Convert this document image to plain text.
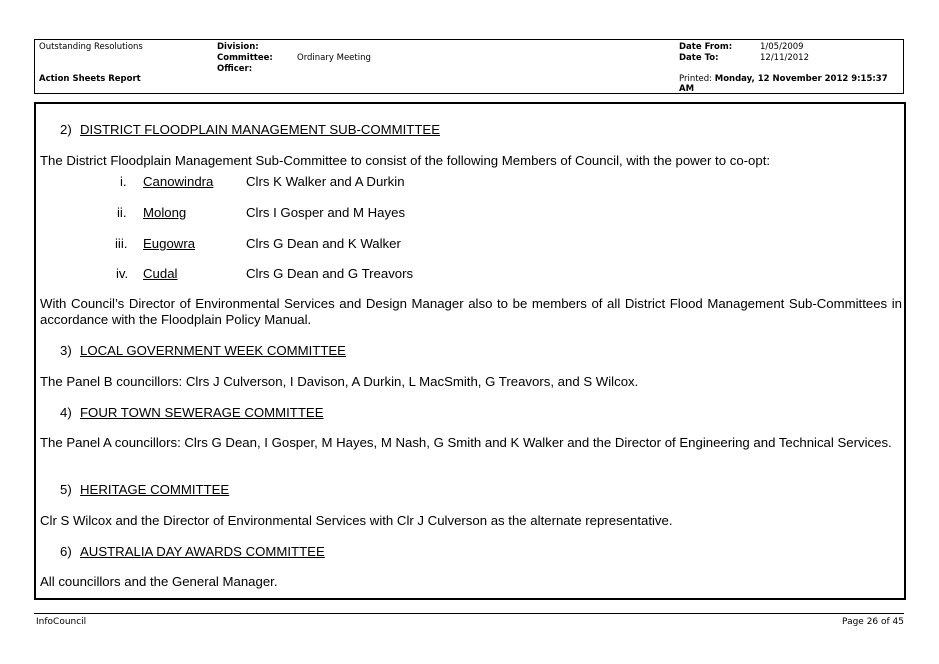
Outstanding Resolutions
Action Sheets Report
Division:
Committee:	Ordinary Meeting
Officer:
Date From:	1/05/2009
Date To:	12/11/2012
Printed: Monday, 12 November 2012 9:15:37
AM
2) DISTRICT FLOODPLAIN MANAGEMENT SUB-COMMITTEE
The District Floodplain Management Sub-Committee to consist of the following Members of Council, with the power to co-opt:
i. Canowindra Clrs K Walker and A Durkin
ii. Molong	Clrs I Gosper and M Hayes
iii. Eugowra	Clrs G Dean and K Walker
iv. Cudal	Clrs G Dean and G Treavors
With Council’s Director of Environmental Services and Design Manager also to be members of all District Flood Management Sub-Committees in accordance with the Floodplain Policy Manual.
3) LOCAL GOVERNMENT WEEK COMMITTEE
The Panel B councillors: Clrs J Culverson, I Davison, A Durkin, L MacSmith, G Treavors, and S Wilcox.
4) FOUR TOWN SEWERAGE COMMITTEE
The Panel A councillors: Clrs G Dean, I Gosper, M Hayes, M Nash, G Smith and K Walker and the Director of Engineering and Technical Services.
5) HERITAGE COMMITTEE
Clr S Wilcox and the Director of Environmental Services with Clr J Culverson as the alternate representative.
6) AUSTRALIA DAY AWARDS COMMITTEE
All councillors and the General Manager.
InfoCouncil	Page 26 of 45
